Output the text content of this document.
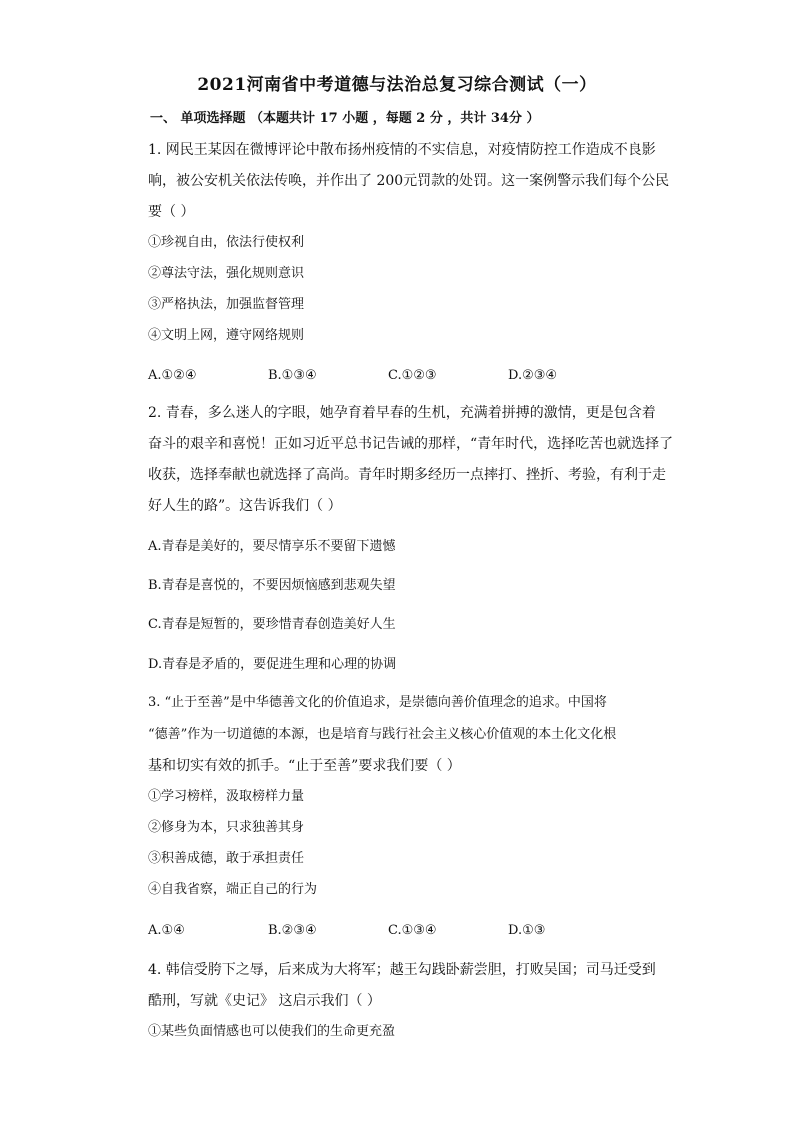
2021河南省中考道德与法治总复习综合测试（一）
一、 单项选择题 （本题共计 17 小题 ，每题 2 分 ，共计 34分 ）
1. 网民王某因在微博评论中散布扬州疫情的不实信息，对疫情防控工作造成不良影
响，被公安机关依法传唤，并作出了 200元罚款的处罚。这一案例警示我们每个公民
要（ ）
①珍视自由，依法行使权利
②尊法守法，强化规则意识
③严格执法，加强监督管理
④文明上网，遵守网络规则
A.①②④	B.①③④	C.①②③	D.②③④
2. 青春，多么迷人的字眼，她孕育着早春的生机，充满着拼搏的激情，更是包含着
奋斗的艰辛和喜悦！正如习近平总书记告诫的那样，“青年时代，选择吃苦也就选择了
收获，选择奉献也就选择了高尚。青年时期多经历一点摔打、挫折、考验，有利于走
好人生的路”。这告诉我们（ ）
A.青春是美好的，要尽情享乐不要留下遗憾
B.青春是喜悦的，不要因烦恼感到悲观失望
C.青春是短暂的，要珍惜青春创造美好人生
D.青春是矛盾的，要促进生理和心理的协调
3. “止于至善”是中华德善文化的价值追求，是崇德向善价值理念的追求。中国将
“德善”作为一切道德的本源，也是培育与践行社会主义核心价值观的本土化文化根
基和切实有效的抓手。“止于至善”要求我们要（ ）
①学习榜样，汲取榜样力量
②修身为本，只求独善其身
③积善成德，敢于承担责任
④自我省察，端正自己的行为
A.①④	B.②③④	C.①③④	D.①③
4. 韩信受胯下之辱，后来成为大将军；越王勾践卧薪尝胆，打败吴国；司马迁受到
酷刑，写就《史记》 这启示我们（ ）
①某些负面情感也可以使我们的生命更充盈
